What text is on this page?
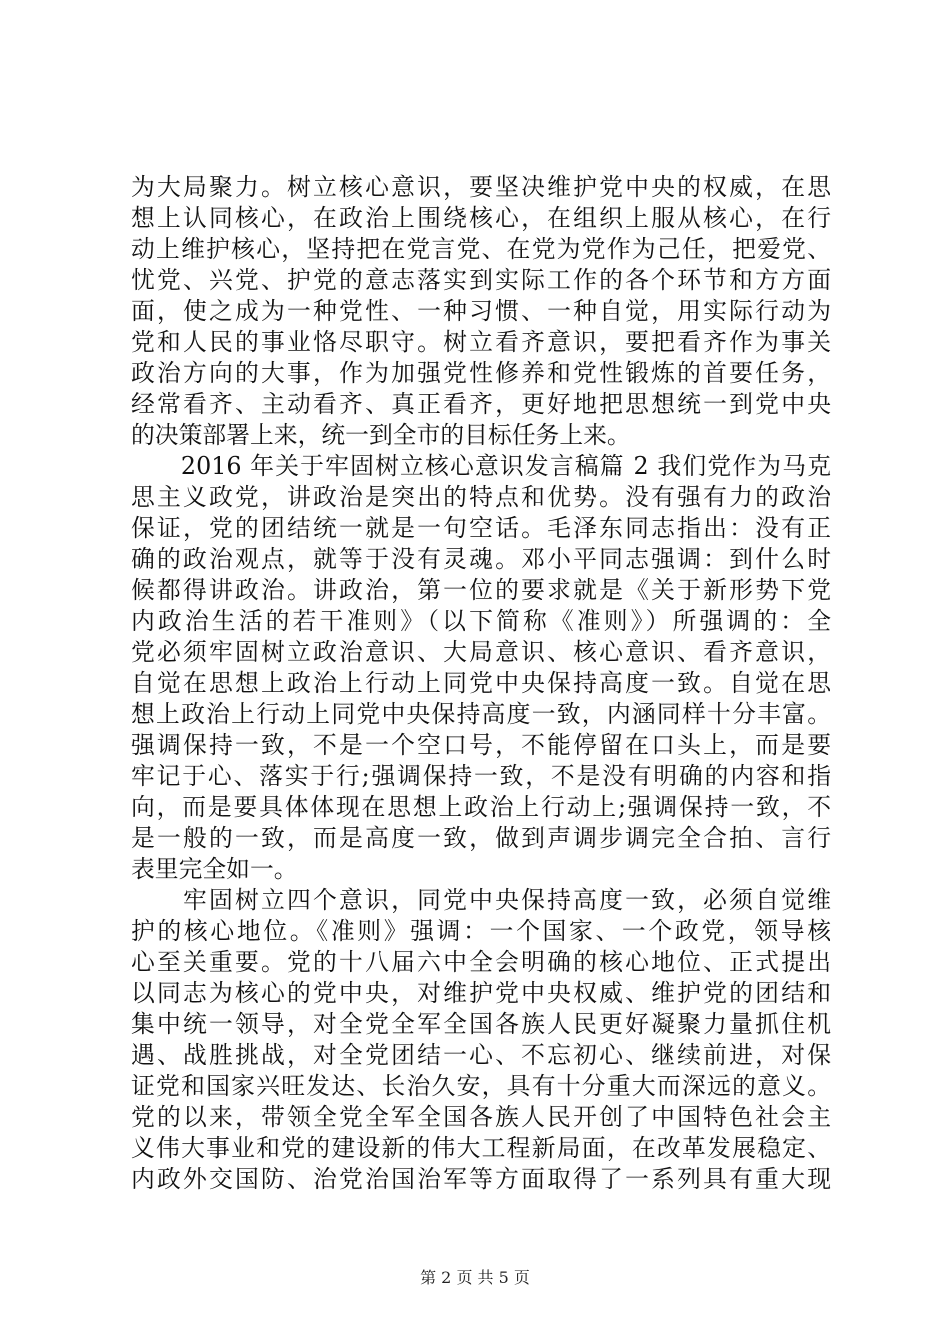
为大局聚力。树立核心意识，要坚决维护党中央的权威，在思
想上认同核心，在政治上围绕核心，在组织上服从核心，在行
动上维护核心，坚持把在党言党、在党为党作为己任，把爱党、
忧党、兴党、护党的意志落实到实际工作的各个环节和方方面
面，使之成为一种党性、一种习惯、一种自觉，用实际行动为
党和人民的事业恪尽职守。树立看齐意识，要把看齐作为事关
政治方向的大事，作为加强党性修养和党性锻炼的首要任务，
经常看齐、主动看齐、真正看齐，更好地把思想统一到党中央
的决策部署上来，统一到全市的目标任务上来。
　　2016 年关于牢固树立核心意识发言稿篇 2 我们党作为马克
思主义政党，讲政治是突出的特点和优势。没有强有力的政治
保证，党的团结统一就是一句空话。毛泽东同志指出：没有正
确的政治观点，就等于没有灵魂。邓小平同志强调：到什么时
候都得讲政治。讲政治，第一位的要求就是《关于新形势下党
内政治生活的若干准则》（以下简称《准则》）所强调的：全
党必须牢固树立政治意识、大局意识、核心意识、看齐意识，
自觉在思想上政治上行动上同党中央保持高度一致。自觉在思
想上政治上行动上同党中央保持高度一致，内涵同样十分丰富。
强调保持一致，不是一个空口号，不能停留在口头上，而是要
牢记于心、落实于行;强调保持一致，不是没有明确的内容和指
向，而是要具体体现在思想上政治上行动上;强调保持一致，不
是一般的一致，而是高度一致，做到声调步调完全合拍、言行
表里完全如一。
　　牢固树立四个意识，同党中央保持高度一致，必须自觉维
护的核心地位。《准则》强调：一个国家、一个政党，领导核
心至关重要。党的十八届六中全会明确的核心地位、正式提出
以同志为核心的党中央，对维护党中央权威、维护党的团结和
集中统一领导，对全党全军全国各族人民更好凝聚力量抓住机
遇、战胜挑战，对全党团结一心、不忘初心、继续前进，对保
证党和国家兴旺发达、长治久安，具有十分重大而深远的意义。
党的以来，带领全党全军全国各族人民开创了中国特色社会主
义伟大事业和党的建设新的伟大工程新局面，在改革发展稳定、
内政外交国防、治党治国治军等方面取得了一系列具有重大现
第 2 页 共 5 页
